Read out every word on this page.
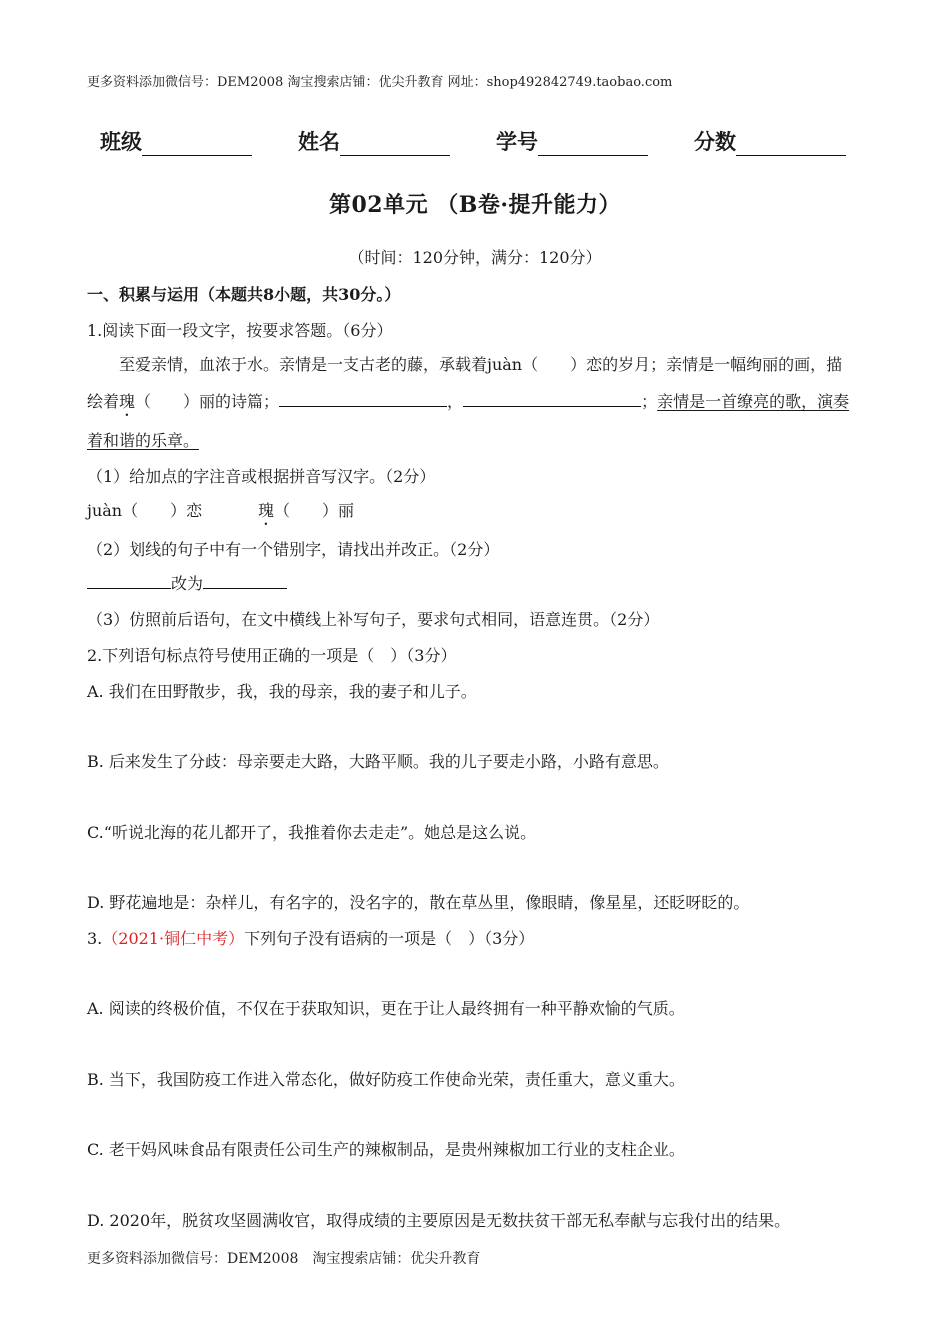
更多资料添加微信号：DEM2008 淘宝搜索店铺：优尖升教育 网址：shop492842749.taobao.com
班级	姓名	学号	分数
第02单元 （B卷·提升能力）
（时间：120分钟，满分：120分）
一、积累与运用（本题共8小题，共30分。）
1.阅读下面一段文字，按要求答题。（6分）
至爱亲情，血浓于水。亲情是一支古老的藤，承载着juàn（　　）恋的岁月；亲情是一幅绚丽的画，描
绘着瑰（　　）丽的诗篇；	，	；亲情是一首缭亮的歌，演奏
着和谐的乐章。
（1）给加点的字注音或根据拼音写汉字。（2分）
juàn（　　）恋	瑰（　　）丽
（2）划线的句子中有一个错别字，请找出并改正。（2分）
改为
（3）仿照前后语句，在文中横线上补写句子，要求句式相同，语意连贯。（2分）
2.下列语句标点符号使用正确的一项是（　）（3分）
A. 我们在田野散步，我，我的母亲，我的妻子和儿子。
B. 后来发生了分歧：母亲要走大路，大路平顺。我的儿子要走小路，小路有意思。
C.“听说北海的花儿都开了，我推着你去走走”。她总是这么说。
D. 野花遍地是：杂样儿，有名字的，没名字的，散在草丛里，像眼睛，像星星，还眨呀眨的。
3.（2021·铜仁中考）下列句子没有语病的一项是（　）（3分）
A. 阅读的终极价值，不仅在于获取知识，更在于让人最终拥有一种平静欢愉的气质。
B. 当下，我国防疫工作进入常态化，做好防疫工作使命光荣，责任重大，意义重大。
C. 老干妈风味食品有限责任公司生产的辣椒制品，是贵州辣椒加工行业的支柱企业。
D. 2020年，脱贫攻坚圆满收官，取得成绩的主要原因是无数扶贫干部无私奉献与忘我付出的结果。
更多资料添加微信号：DEM2008　淘宝搜索店铺：优尖升教育
